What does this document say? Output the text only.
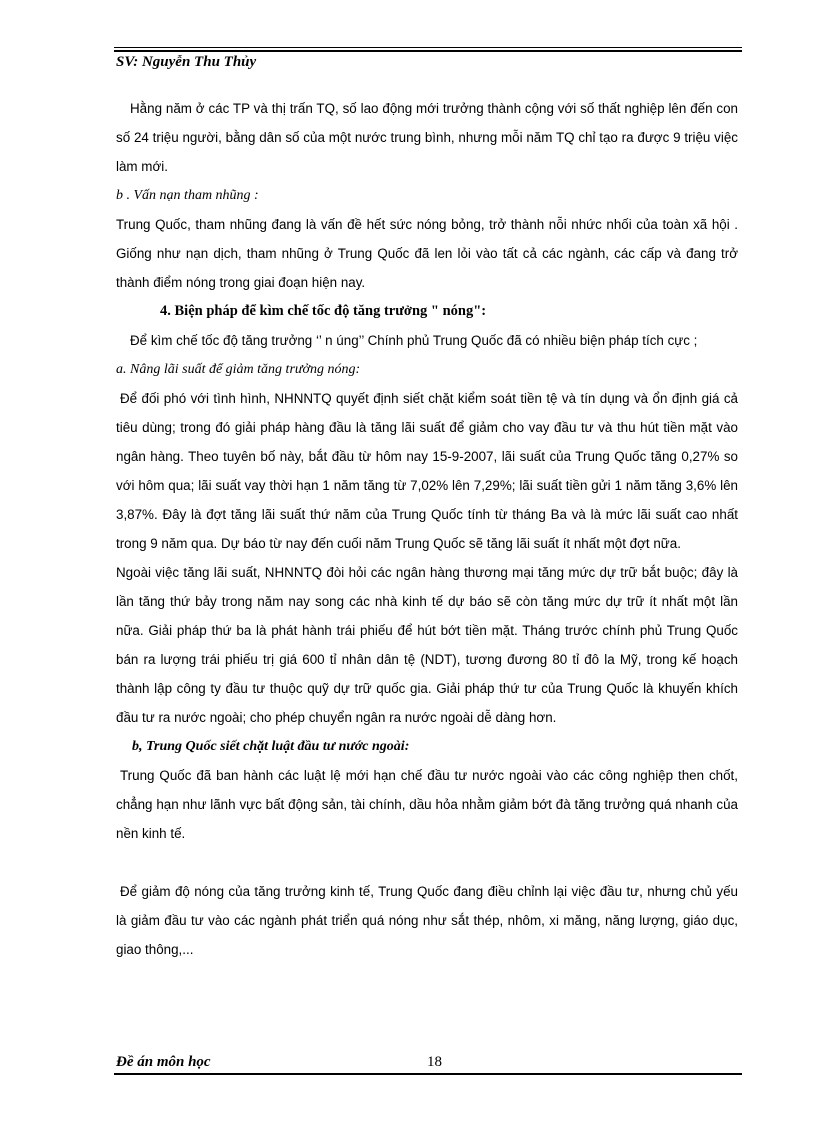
SV: Nguyễn Thu Thủy

Hằng năm ở các TP và thị trấn TQ, số lao động mới trưởng thành cộng với số thất nghiệp lên đến con số 24 triệu người, bằng dân số của một nước trung bình, nhưng mỗi năm TQ chỉ tạo ra được 9 triệu việc làm mới.

b . Vấn nạn tham nhũng :

Trung Quốc, tham nhũng đang là vấn đề hết sức nóng bỏng, trở thành nỗi nhức nhối của toàn xã hội . Giống như nạn dịch, tham nhũng ở Trung Quốc đã len lỏi vào tất cả các ngành, các cấp và đang trở thành điểm nóng trong giai đoạn hiện nay.

4. Biện pháp để kìm chế tốc độ tăng trưởng " nóng":

Để kìm chế tốc độ tăng trưởng ‘’ n úng’’ Chính phủ Trung Quốc đã có nhiều biện pháp tích cực ;

a. Nâng lãi suất để giảm tăng trưởng nóng:

Để đối phó với tình hình, NHNNTQ quyết định siết chặt kiểm soát tiền tệ và tín dụng và ổn định giá cả tiêu dùng; trong đó giải pháp hàng đầu là tăng lãi suất để giảm cho vay đầu tư và thu hút tiền mặt vào ngân hàng. Theo tuyên bố này, bắt đầu từ hôm nay 15-9-2007, lãi suất của Trung Quốc tăng 0,27% so với hôm qua; lãi suất vay thời hạn 1 năm tăng từ 7,02% lên 7,29%; lãi suất tiền gửi 1 năm tăng 3,6% lên 3,87%. Đây là đợt tăng lãi suất thứ năm của Trung Quốc tính từ tháng Ba và là mức lãi suất cao nhất trong 9 năm qua. Dự báo từ nay đến cuối năm Trung Quốc sẽ tăng lãi suất ít nhất một đợt nữa.

Ngoài việc tăng lãi suất, NHNNTQ đòi hỏi các ngân hàng thương mại tăng mức dự trữ bắt buộc; đây là lần tăng thứ bảy trong năm nay song các nhà kinh tế dự báo sẽ còn tăng mức dự trữ ít nhất một lần nữa. Giải pháp thứ ba là phát hành trái phiếu để hút bớt tiền mặt. Tháng trước chính phủ Trung Quốc bán ra lượng trái phiếu trị giá 600 tỉ nhân dân tệ (NDT), tương đương 80 tỉ đô la Mỹ, trong kế hoạch thành lập công ty đầu tư thuộc quỹ dự trữ quốc gia. Giải pháp thứ tư của Trung Quốc là khuyến khích đầu tư ra nước ngoài; cho phép chuyển ngân ra nước ngoài dễ dàng hơn.

b, Trung Quốc siết chặt luật đầu tư nước ngoài:

Trung Quốc đã ban hành các luật lệ mới hạn chế đầu tư nước ngoài vào các công nghiệp then chốt, chẳng hạn như lãnh vực bất động sản, tài chính, dầu hỏa nhằm giảm bớt đà tăng trưởng quá nhanh của nền kinh tế.

Để giảm độ nóng của tăng trưởng kinh tế, Trung Quốc đang điều chỉnh lại việc đầu tư, nhưng chủ yếu là giảm đầu tư vào các ngành phát triển quá nóng như sắt thép, nhôm, xi măng, năng lượng, giáo dục, giao thông,...

Đề án môn học	18
